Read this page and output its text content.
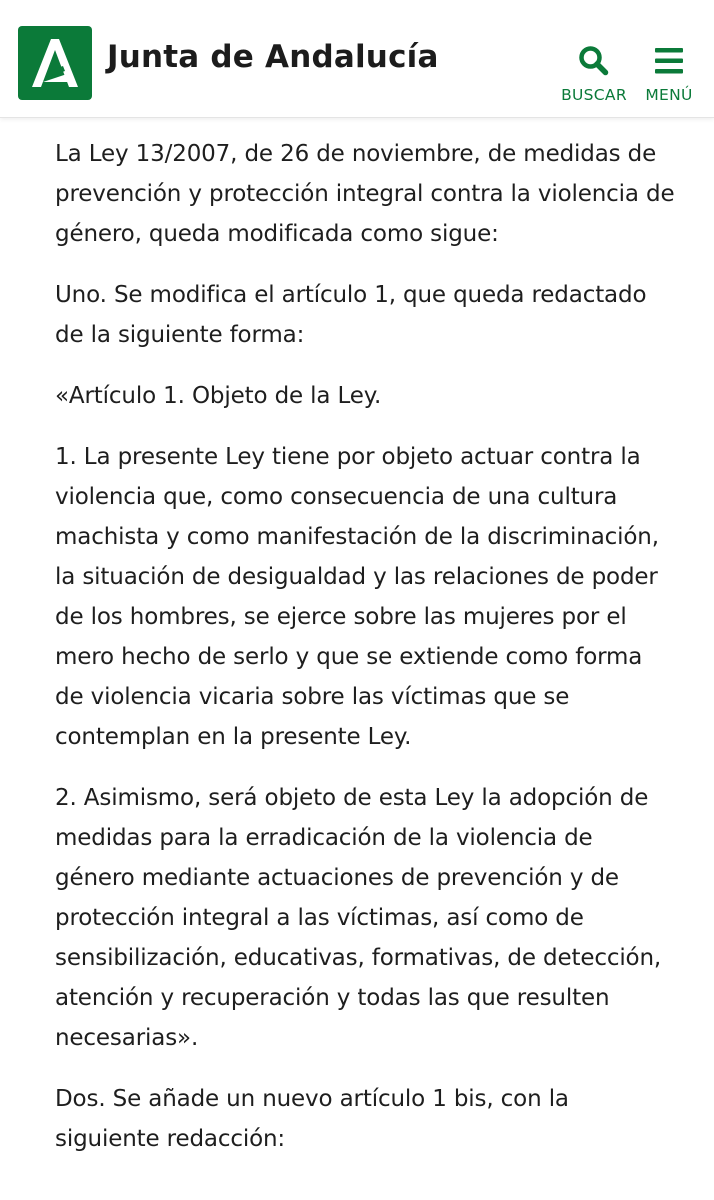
Junta de Andalucía
BUSCAR	MENÚ

La Ley 13/2007, de 26 de noviembre, de medidas de prevención y protección integral contra la violencia de género, queda modificada como sigue:

Uno. Se modifica el artículo 1, que queda redactado de la siguiente forma:

«Artículo 1. Objeto de la Ley.

1. La presente Ley tiene por objeto actuar contra la violencia que, como consecuencia de una cultura machista y como manifestación de la discriminación, la situación de desigualdad y las relaciones de poder de los hombres, se ejerce sobre las mujeres por el mero hecho de serlo y que se extiende como forma de violencia vicaria sobre las víctimas que se contemplan en la presente Ley.

2. Asimismo, será objeto de esta Ley la adopción de medidas para la erradicación de la violencia de género mediante actuaciones de prevención y de protección integral a las víctimas, así como de sensibilización, educativas, formativas, de detección, atención y recuperación y todas las que resulten necesarias».

Dos. Se añade un nuevo artículo 1 bis, con la siguiente redacción:
